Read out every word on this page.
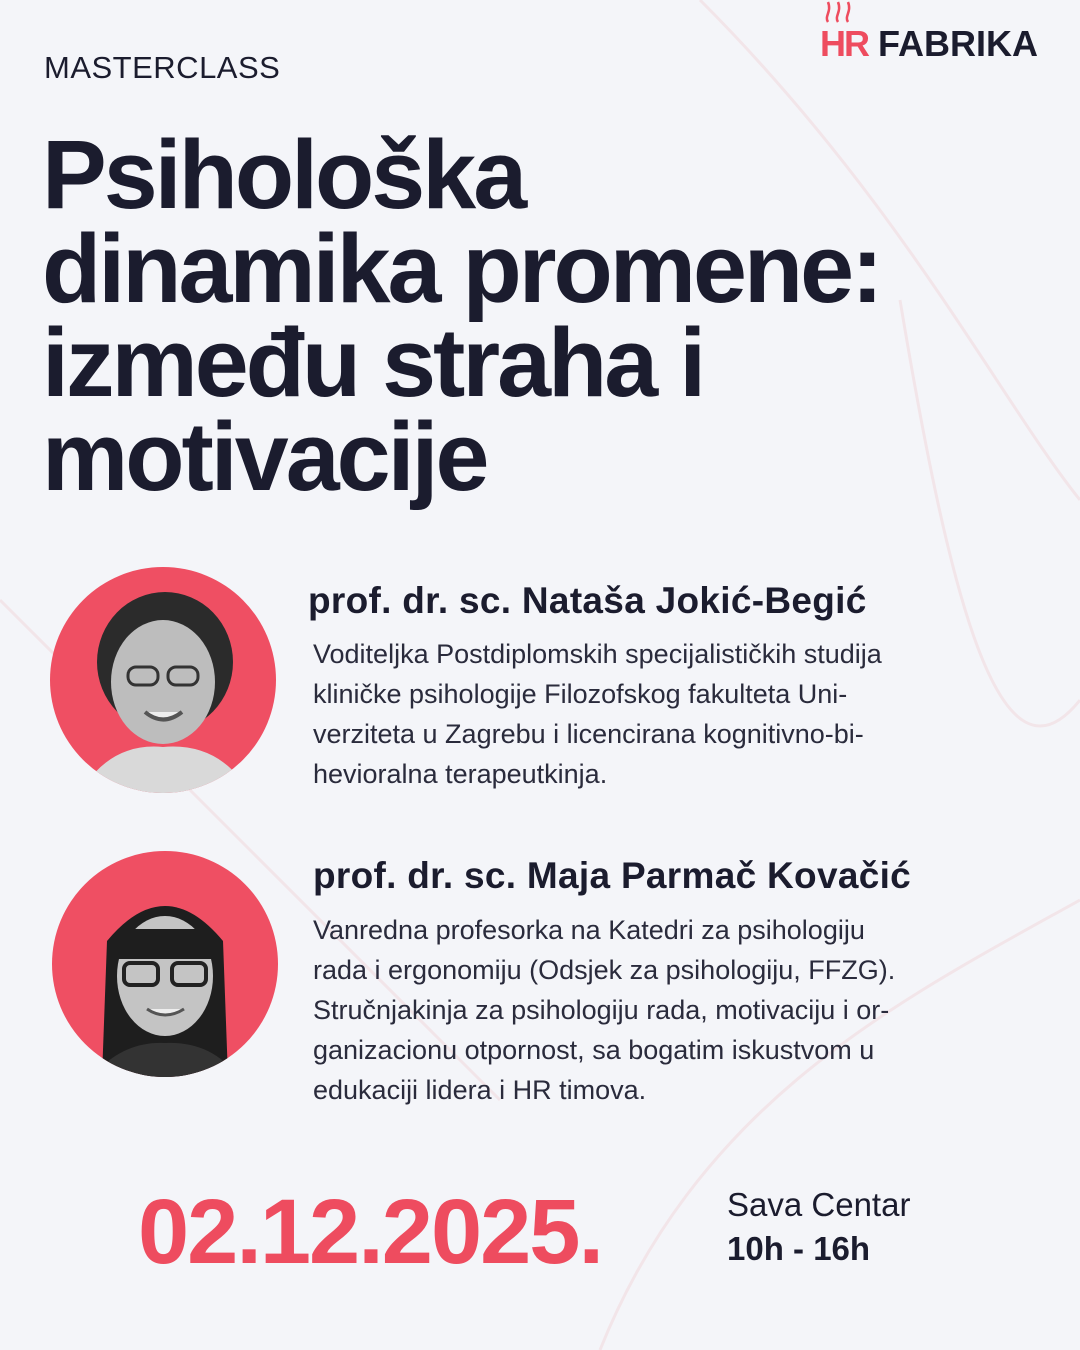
MASTERCLASS
HR FABRIKA
Psihološka
dinamika promene:
između straha i
motivacije
prof. dr. sc. Nataša Jokić-Begić
Voditeljka Postdiplomskih specijalističkih studija
kliničke psihologije Filozofskog fakulteta Uni-
verziteta u Zagrebu i licencirana kognitivno-bi-
hevioralna terapeutkinja.
prof. dr. sc. Maja Parmač Kovačić
Vanredna profesorka na Katedri za psihologiju
rada i ergonomiju (Odsjek za psihologiju, FFZG).
Stručnjakinja za psihologiju rada, motivaciju i or-
ganizacionu otpornost, sa bogatim iskustvom u
edukaciji lidera i HR timova.
02.12.2025.	Sava Centar
10h - 16h
